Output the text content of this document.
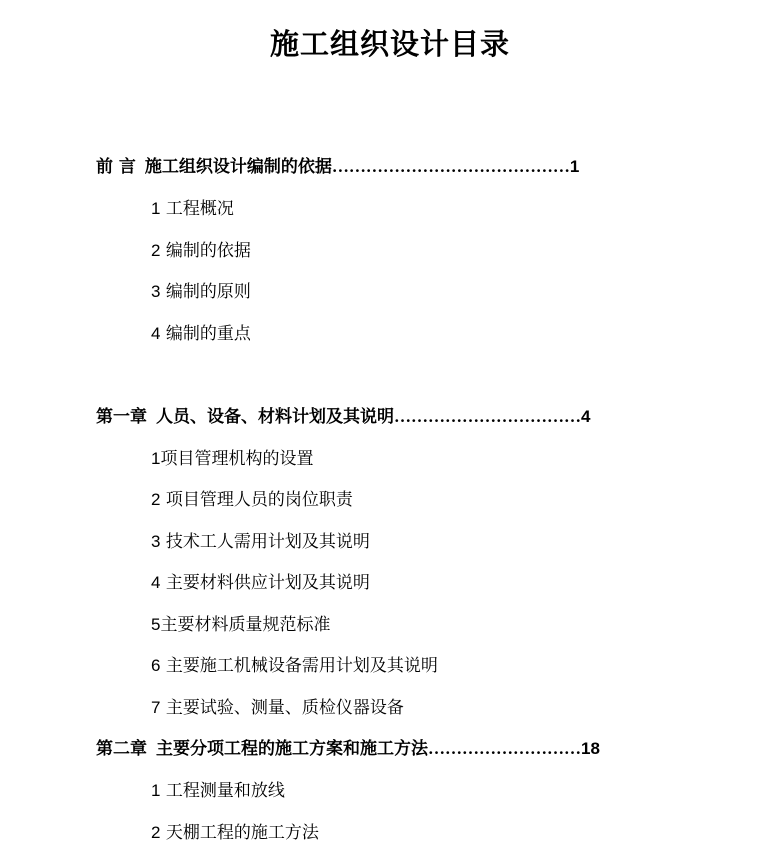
施工组织设计目录
前 言 施工组织设计编制的依据……………………………………1
1 工程概况
2 编制的依据
3 编制的原则
4 编制的重点
第一章 人员、设备、材料计划及其说明……………………………4
1项目管理机构的设置
2 项目管理人员的岗位职责
3 技术工人需用计划及其说明
4 主要材料供应计划及其说明
5主要材料质量规范标准
6 主要施工机械设备需用计划及其说明
7 主要试验、测量、质检仪器设备
第二章 主要分项工程的施工方案和施工方法………………………18
1 工程测量和放线
2 天棚工程的施工方法
